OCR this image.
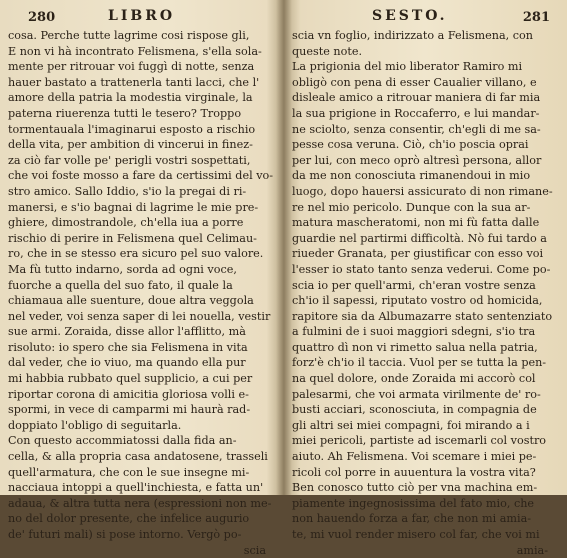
280	LIBRO
cosa. Perche tutte lagrime cosi rispose gli,
E non vi hà incontrato Felismena, s'ella sola-
mente per ritrouar voi fuggì di notte, senza
hauer bastato a trattenerla tanti lacci, che l'
amore della patria la modestia virginale, la
paterna riuerenza tutti le tesero? Troppo
tormentauala l'imaginarui esposto a rischio
della vita, per ambition di vincerui in finez-
za ciò far volle pe' perigli vostri sospettati,
che voi foste mosso a fare da certissimi del vo-
stro amico. Sallo Iddio, s'io la pregai di ri-
manersi, e s'io bagnai di lagrime le mie pre-
ghiere, dimostrandole, ch'ella iua a porre
rischio di perire in Felismena quel Celimau-
ro, che in se stesso era sicuro pel suo valore.
Ma fù tutto indarno, sorda ad ogni voce,
fuorche a quella del suo fato, il quale la
chiamaua alle suenture, doue altra veggola
nel veder, voi senza saper di lei nouella, vestir
sue armi. Zoraida, disse allor l'afflitto, mà
risoluto: io spero che sia Felismena in vita
dal veder, che io viuo, ma quando ella pur
mi habbia rubbato quel supplicio, a cui per
riportar corona di amicitia gloriosa volli e-
spormi, in vece di camparmi mi haurà rad-
doppiato l'obligo di seguitarla.
Con questo accommiatossi dalla fida an-
cella, & alla propria casa andatosene, trasseli
quell'armatura, che con le sue insegne mi-
nacciaua intoppi a quell'inchiesta, e fatta un'
adaua, & altra tutta nera (espressioni non me-
no del dolor presente, che infelice augurio
de' futuri mali) si pose intorno. Vergò po-
scia
SESTO.	281
scia vn foglio, indirizzato a Felismena, con
queste note.
La prigionia del mio liberator Ramiro mi
obligò con pena di esser Caualier villano, e
disleale amico a ritrouar maniera di far mia
la sua prigione in Roccaferro, e lui mandar-
ne sciolto, senza consentir, ch'egli di me sa-
pesse cosa veruna. Ciò, ch'io poscia oprai
per lui, con meco oprò altresì persona, allor
da me non conosciuta rimanendoui in mio
luogo, dopo hauersi assicurato di non rimane-
re nel mio pericolo. Dunque con la sua ar-
matura mascheratomi, non mi fù fatta dalle
guardie nel partirmi difficoltà. Nò fui tardo a
riueder Granata, per giustificar con esso voi
l'esser io stato tanto senza vederui. Come po-
scia io per quell'armi, ch'eran vostre senza
ch'io il sapessi, riputato vostro od homicida,
rapitore sia da Albumazarre stato sentenziato
a fulmini de i suoi maggiori sdegni, s'io tra
quattro dì non vi rimetto salua nella patria,
forz'è ch'io il taccia. Vuol per se tutta la pen-
na quel dolore, onde Zoraida mi accorò col
palesarmi, che voi armata virilmente de' ro-
busti acciari, sconosciuta, in compagnia de
gli altri sei miei compagni, foi mirando a i
miei pericoli, partiste ad iscemarli col vostro
aiuto. Ah Felismena. Voi scemare i miei pe-
ricoli col porre in auuentura la vostra vita?
Ben conosco tutto ciò per vna machina em-
piamente ingegnosissima del fato mio, che
non hauendo forza a far, che non mi amia-
te, mi vuol render misero col far, che voi mi
amia-
